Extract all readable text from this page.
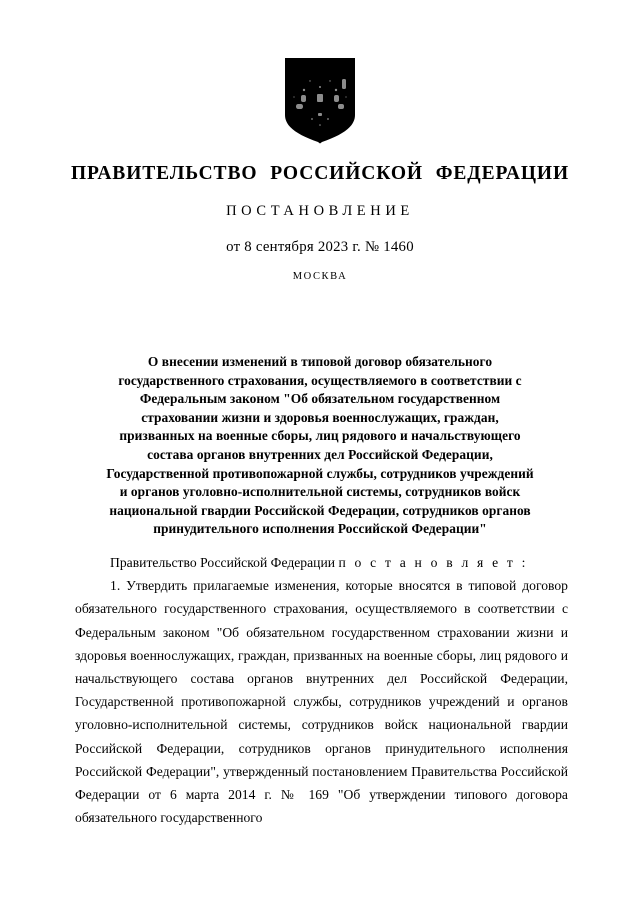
ПРАВИТЕЛЬСТВО РОССИЙСКОЙ ФЕДЕРАЦИИ
ПОСТАНОВЛЕНИЕ
от 8 сентября 2023 г. № 1460
МОСКВА
О внесении изменений в типовой договор обязательного
государственного страхования, осуществляемого в соответствии с
Федеральным законом "Об обязательном государственном
страховании жизни и здоровья военнослужащих, граждан,
призванных на военные сборы, лиц рядового и начальствующего
состава органов внутренних дел Российской Федерации,
Государственной противопожарной службы, сотрудников учреждений
и органов уголовно-исполнительной системы, сотрудников войск
национальной гвардии Российской Федерации, сотрудников органов
принудительного исполнения Российской Федерации"

Правительство Российской Федерации п о с т а н о в л я е т :

1. Утвердить прилагаемые изменения, которые вносятся в типовой договор обязательного государственного страхования, осуществляемого в соответствии с Федеральным законом "Об обязательном государственном страховании жизни и здоровья военнослужащих, граждан, призванных на военные сборы, лиц рядового и начальствующего состава органов внутренних дел Российской Федерации, Государственной противопожарной службы, сотрудников учреждений и органов уголовно-исполнительной системы, сотрудников войск национальной гвардии Российской Федерации, сотрудников органов принудительного исполнения Российской Федерации", утвержденный постановлением Правительства Российской Федерации от 6 марта 2014 г. № 169 "Об утверждении типового договора обязательного государственного
